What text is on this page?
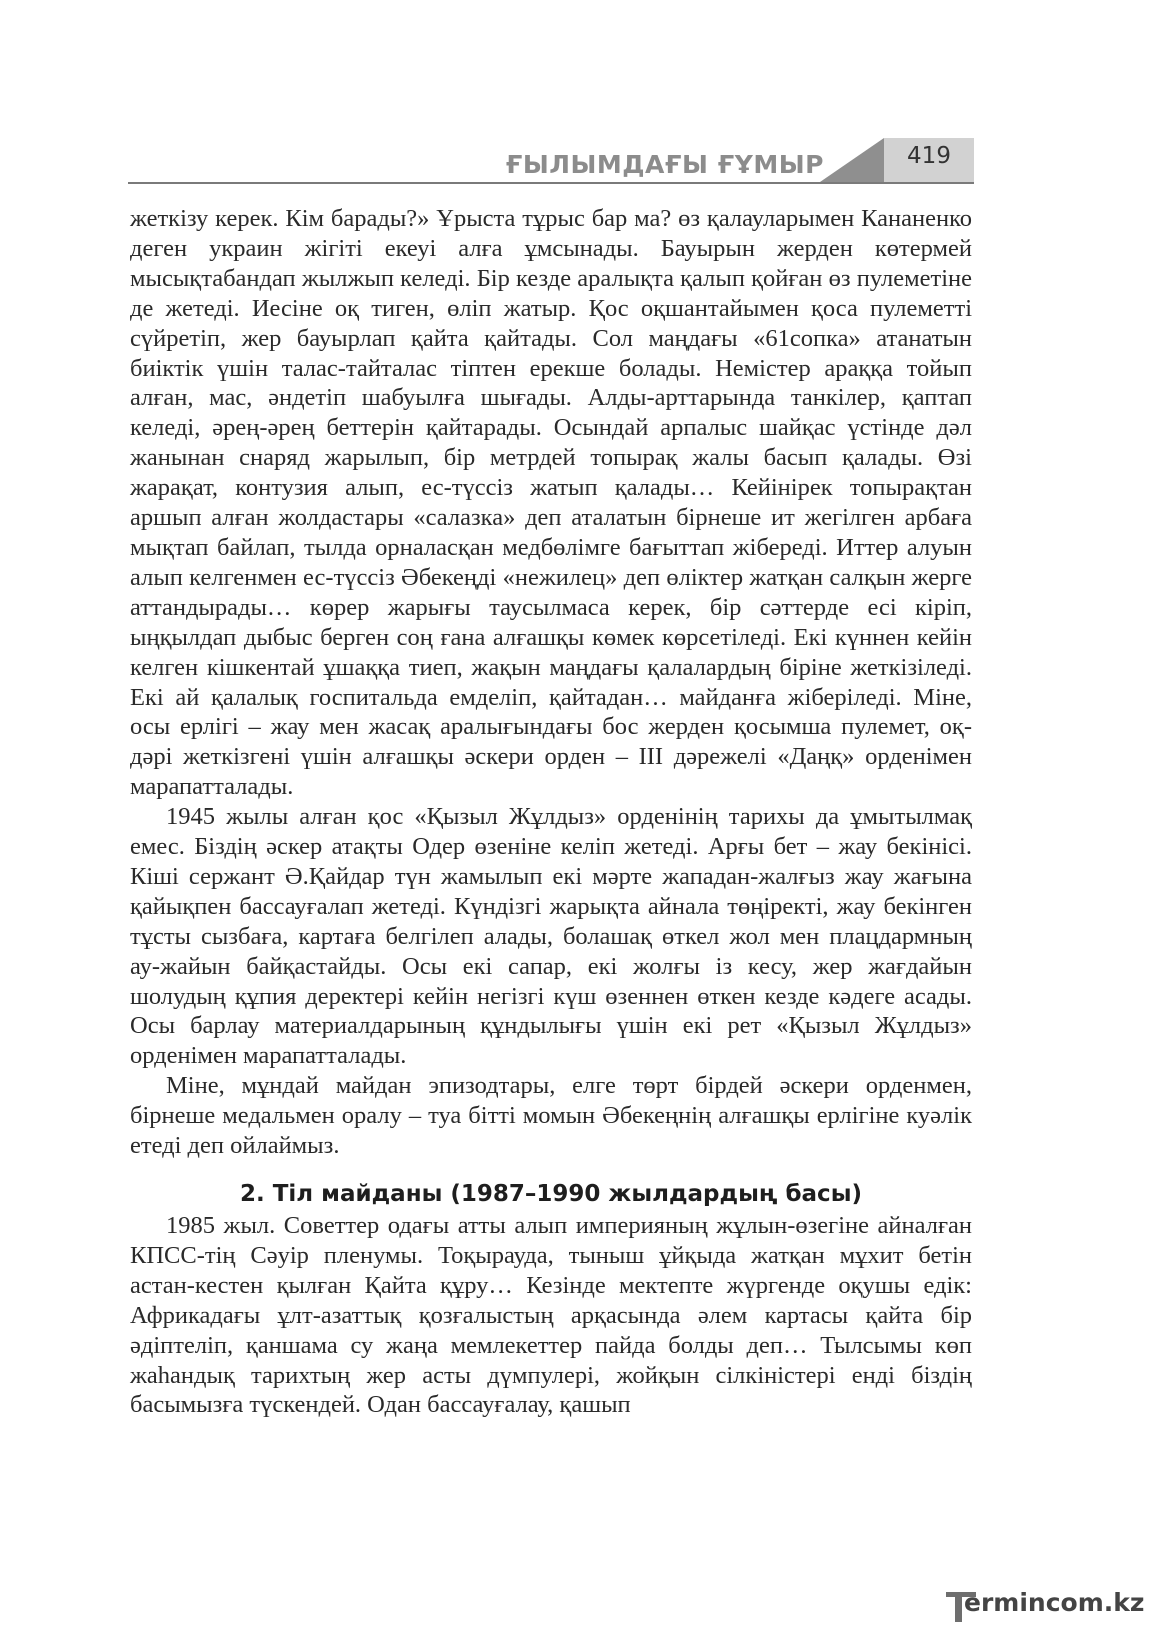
ҒЫЛЫМДАҒЫ ҒҰМЫР	419

жеткізу керек. Кім барады?» Ұрыста тұрыс бар ма? өз қалауларымен Кананенко деген украин жігіті екеуі алға ұмсынады. Бауырын жерден көтермей мысықтабандап жылжып келеді. Бір кезде аралықта қалып қойған өз пулеметіне де жетеді. Иесіне оқ тиген, өліп жатыр. Қос оқшантайымен қоса пулеметті сүйретіп, жер бауырлап қайта қайтады. Сол маңдағы «61сопка» атанатын биіктік үшін талас-тайталас тіптен ерекше болады. Немістер араққа тойып алған, мас, әндетіп шабуылға шығады. Алды-арттарында танкілер, қаптап келеді, әрең-әрең беттерін қайтарады. Осындай арпалыс шайқас үстінде дәл жанынан снаряд жарылып, бір метрдей топырақ жалы басып қалады. Өзі жарақат, контузия алып, ес-түссіз жатып қалады… Кейінірек топырақтан аршып алған жолдастары «салазка» деп аталатын бірнеше ит жегілген арбаға мықтап байлап, тылда орналасқан медбөлімге бағыттап жібереді. Иттер алуын алып келгенмен ес-түссіз Әбекеңді «нежилец» деп өліктер жатқан салқын жерге аттандырады… көрер жарығы таусылмаса керек, бір сәттерде есі кіріп, ыңқылдап дыбыс берген соң ғана алғашқы көмек көрсетіледі. Екі күннен кейін келген кішкентай ұшаққа тиеп, жақын маңдағы қалалардың біріне жеткізіледі. Екі ай қалалық госпитальда емделіп, қайтадан… майданға жіберіледі. Міне, осы ерлігі – жау мен жасақ аралығындағы бос жерден қосымша пулемет, оқ-дәрі жеткізгені үшін алғашқы әскери орден – ІІІ дәрежелі «Даңқ» орденімен марапатталады.

1945 жылы алған қос «Қызыл Жұлдыз» орденінің тарихы да ұмытылмақ емес. Біздің әскер атақты Одер өзеніне келіп жетеді. Арғы бет – жау бекінісі. Кіші сержант Ә.Қайдар түн жамылып екі мәрте жападан-жалғыз жау жағына қайықпен бассауғалап жетеді. Күндізгі жарықта айнала төңіректі, жау бекінген тұсты сызбаға, картаға белгілеп алады, болашақ өткел жол мен плацдармның ау-жайын байқастайды. Осы екі сапар, екі жолғы із кесу, жер жағдайын шолудың құпия деректері кейін негізгі күш өзеннен өткен кезде кәдеге асады. Осы барлау материалдарының құндылығы үшін екі рет «Қызыл Жұлдыз» орденімен марапатталады.

Міне, мұндай майдан эпизодтары, елге төрт бірдей әскери орденмен, бірнеше медальмен оралу – туа бітті момын Әбекеңнің алғашқы ерлігіне куәлік етеді деп ойлаймыз.

2. Тіл майданы (1987–1990 жылдардың басы)

1985 жыл. Советтер одағы атты алып империяның жұлын-өзегіне айналған КПСС-тің Сәуір пленумы. Тоқырауда, тыныш ұйқыда жатқан мұхит бетін астан-кестен қылған Қайта құру… Кезінде мектепте жүргенде оқушы едік: Африкадағы ұлт-азаттық қозғалыстың арқасында әлем картасы қайта бір әдіптеліп, қаншама су жаңа мемлекеттер пайда болды деп… Тылсымы көп жаһандық тарихтың жер асты дүмпулері, жойқын сілкіністері енді біздің басымызға түскендей. Одан бассауғалау, қашып

ermincom.kz
